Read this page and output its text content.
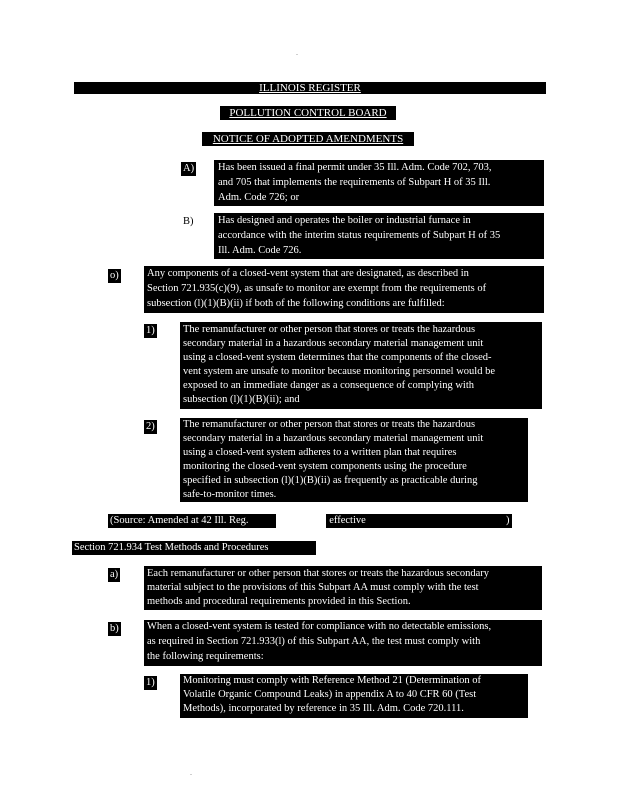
ILLINOIS REGISTER
POLLUTION CONTROL BOARD
NOTICE OF ADOPTED AMENDMENTS
A) Has been issued a final permit under 35 Ill. Adm. Code 702, 703,
and 705 that implements the requirements of Subpart H of 35 Ill.
Adm. Code 726; or
B) Has designed and operates the boiler or industrial furnace in
accordance with the interim status requirements of Subpart H of 35
Ill. Adm. Code 726.
o)	Any components of a closed-vent system that are designated, as described in
Section 721.935(c)(9), as unsafe to monitor are exempt from the requirements of
subsection (l)(1)(B)(ii) if both of the following conditions are fulfilled:
1)	The remanufacturer or other person that stores or treats the hazardous
secondary material in a hazardous secondary material management unit
using a closed-vent system determines that the components of the closed-
vent system are unsafe to monitor because monitoring personnel would be
exposed to an immediate danger as a consequence of complying with
subsection (l)(1)(B)(ii); and
2)	The remanufacturer or other person that stores or treats the hazardous
secondary material in a hazardous secondary material management unit
using a closed-vent system adheres to a written plan that requires
monitoring the closed-vent system components using the procedure
specified in subsection (l)(1)(B)(ii) as frequently as practicable during
safe-to-monitor times.
(Source: Amended at 42 Ill. Reg.	, effective	)
Section 721.934 Test Methods and Procedures
a)	Each remanufacturer or other person that stores or treats the hazardous secondary
material subject to the provisions of this Subpart AA must comply with the test
methods and procedural requirements provided in this Section.
b)	When a closed-vent system is tested for compliance with no detectable emissions,
as required in Section 721.933(l) of this Subpart AA, the test must comply with
the following requirements:
1)	Monitoring must comply with Reference Method 21 (Determination of
Volatile Organic Compound Leaks) in appendix A to 40 CFR 60 (Test
Methods), incorporated by reference in 35 Ill. Adm. Code 720.111.
